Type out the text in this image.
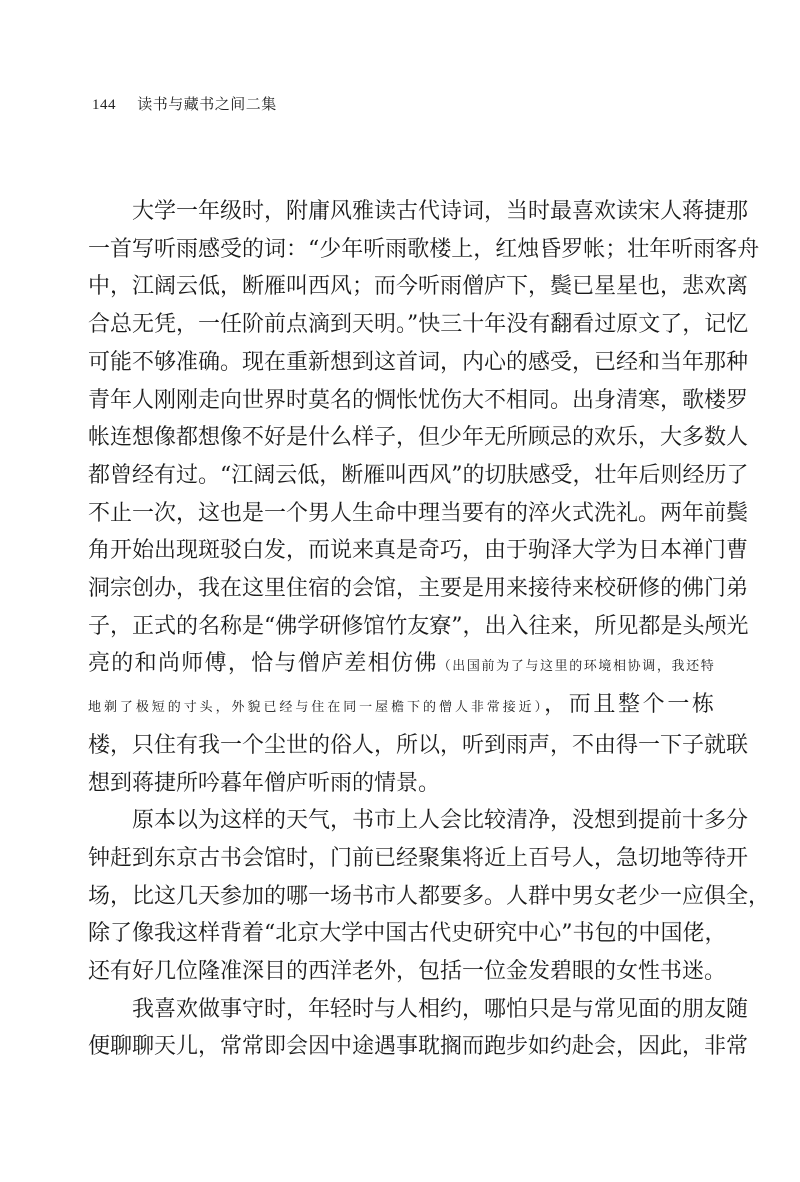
144 读书与藏书之间二集

大学一年级时，附庸风雅读古代诗词，当时最喜欢读宋人蒋捷那
一首写听雨感受的词：“少年听雨歌楼上，红烛昏罗帐；壮年听雨客舟
中，江阔云低，断雁叫西风；而今听雨僧庐下，鬓已星星也，悲欢离
合总无凭，一任阶前点滴到天明。”快三十年没有翻看过原文了，记忆
可能不够准确。现在重新想到这首词，内心的感受，已经和当年那种
青年人刚刚走向世界时莫名的惆怅忧伤大不相同。出身清寒，歌楼罗
帐连想像都想像不好是什么样子，但少年无所顾忌的欢乐，大多数人
都曾经有过。“江阔云低，断雁叫西风”的切肤感受，壮年后则经历了
不止一次，这也是一个男人生命中理当要有的淬火式洗礼。两年前鬓
角开始出现斑驳白发，而说来真是奇巧，由于驹泽大学为日本禅门曹
洞宗创办，我在这里住宿的会馆，主要是用来接待来校研修的佛门弟
子，正式的名称是“佛学研修馆竹友寮”，出入往来，所见都是头颅光
亮的和尚师傅，恰与僧庐差相仿佛（出国前为了与这里的环境相协调，我还特
地剃了极短的寸头，外貌已经与住在同一屋檐下的僧人非常接近），而且整个一栋
楼，只住有我一个尘世的俗人，所以，听到雨声，不由得一下子就联
想到蒋捷所吟暮年僧庐听雨的情景。

原本以为这样的天气，书市上人会比较清净，没想到提前十多分
钟赶到东京古书会馆时，门前已经聚集将近上百号人，急切地等待开
场，比这几天参加的哪一场书市人都要多。人群中男女老少一应俱全，
除了像我这样背着“北京大学中国古代史研究中心”书包的中国佬，
还有好几位隆准深目的西洋老外，包括一位金发碧眼的女性书迷。

我喜欢做事守时，年轻时与人相约，哪怕只是与常见面的朋友随
便聊聊天儿，常常即会因中途遇事耽搁而跑步如约赴会，因此，非常
